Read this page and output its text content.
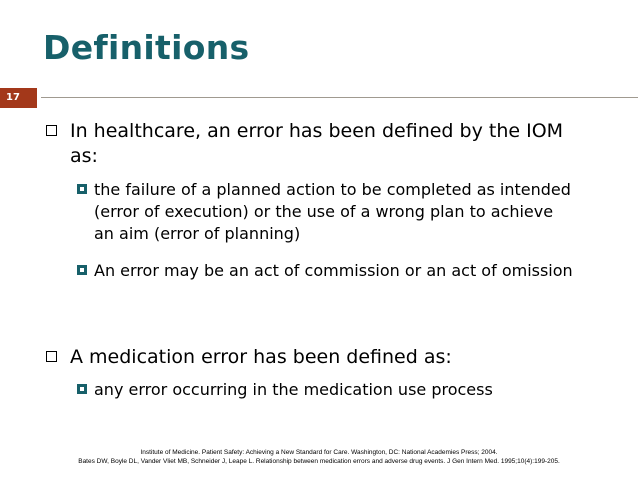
Definitions
17
In healthcare, an error has been defined by the IOM as:
the failure of a planned action to be completed as intended (error of execution) or the use of a wrong plan to achieve an aim (error of planning)
An error may be an act of commission or an act of omission
A medication error has been defined as:
any error occurring in the medication use process
Institute of Medicine. Patient Safety: Achieving a New Standard for Care. Washington, DC: National Academies Press; 2004.
Bates DW, Boyle DL, Vander Vliet MB, Schneider J, Leape L. Relationship between medication errors and adverse drug events. J Gen Intern Med. 1995;10(4):199-205.
